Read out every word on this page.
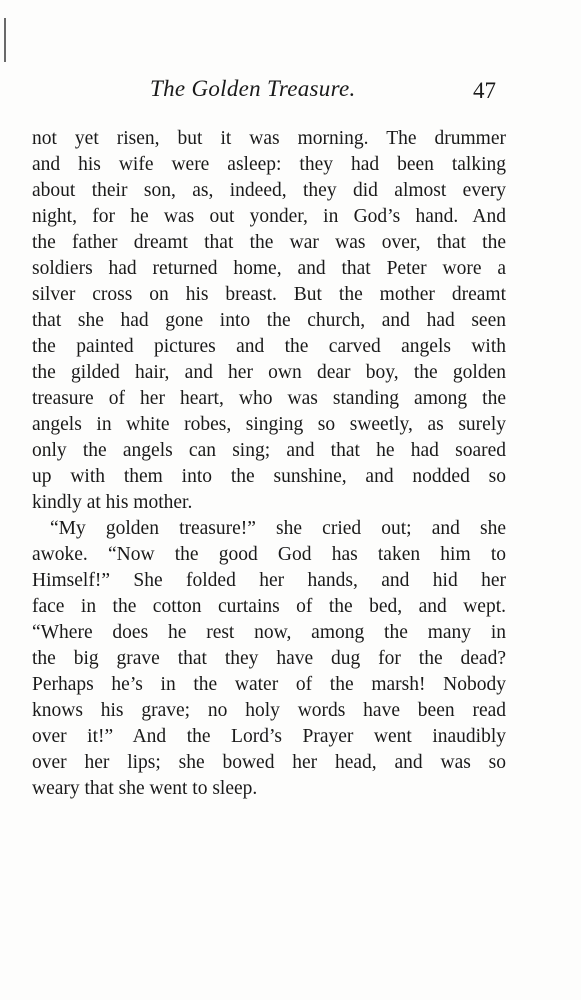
The Golden Treasure.	47
not yet risen, but it was morning. The drummer
and his wife were asleep: they had been talking
about their son, as, indeed, they did almost every
night, for he was out yonder, in God’s hand. And
the father dreamt that the war was over, that the
soldiers had returned home, and that Peter wore a
silver cross on his breast. But the mother dreamt
that she had gone into the church, and had seen
the painted pictures and the carved angels with
the gilded hair, and her own dear boy, the golden
treasure of her heart, who was standing among the
angels in white robes, singing so sweetly, as surely
only the angels can sing; and that he had soared
up with them into the sunshine, and nodded so
kindly at his mother.
“My golden treasure!” she cried out; and she
awoke. “Now the good God has taken him to
Himself!” She folded her hands, and hid her
face in the cotton curtains of the bed, and wept.
“Where does he rest now, among the many in
the big grave that they have dug for the dead?
Perhaps he’s in the water of the marsh! Nobody
knows his grave; no holy words have been read
over it!” And the Lord’s Prayer went inaudibly
over her lips; she bowed her head, and was so
weary that she went to sleep.
